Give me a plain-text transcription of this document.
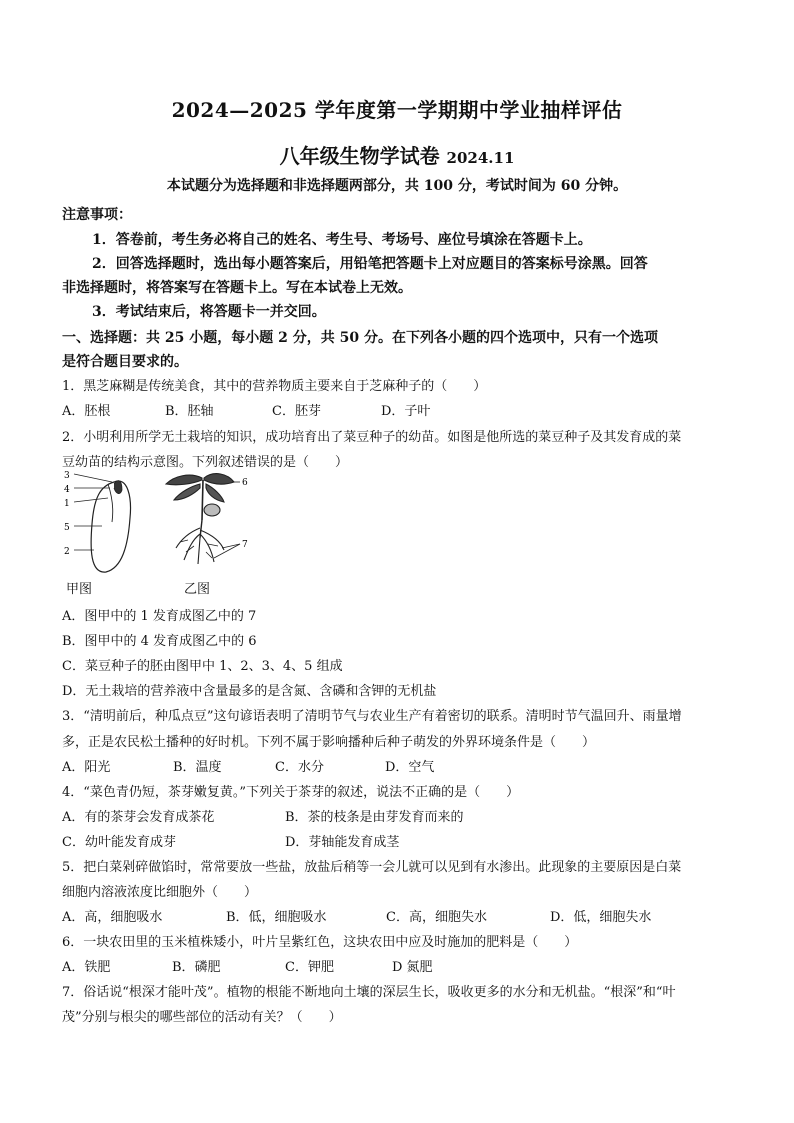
2024—2025 学年度第一学期期中学业抽样评估
八年级生物学试卷 2024.11
本试题分为选择题和非选择题两部分，共 100 分，考试时间为 60 分钟。
注意事项：
1．答卷前，考生务必将自己的姓名、考生号、考场号、座位号填涂在答题卡上。
2．回答选择题时，选出每小题答案后，用铅笔把答题卡上对应题目的答案标号涂黑。回答
非选择题时，将答案写在答题卡上。写在本试卷上无效。
3．考试结束后，将答题卡一并交回。
一、选择题：共 25 小题，每小题 2 分，共 50 分。在下列各小题的四个选项中，只有一个选项
是符合题目要求的。
1．黑芝麻糊是传统美食，其中的营养物质主要来自于芝麻种子的（　　）
A．胚根	B．胚轴	C．胚芽	D．子叶
2．小明利用所学无土栽培的知识，成功培育出了菜豆种子的幼苗。如图是他所选的菜豆种子及其发育成的菜
豆幼苗的结构示意图。下列叙述错误的是（　　）
3
4
1
5
2
6
7
甲图	乙图
A．图甲中的 1 发育成图乙中的 7
B．图甲中的 4 发育成图乙中的 6
C．菜豆种子的胚由图甲中 1、2、3、4、5 组成
D．无土栽培的营养液中含量最多的是含氮、含磷和含钾的无机盐
3．“清明前后，种瓜点豆”这句谚语表明了清明节气与农业生产有着密切的联系。清明时节气温回升、雨量增
多，正是农民松土播种的好时机。下列不属于影响播种后种子萌发的外界环境条件是（　　）
A．阳光	B．温度	C．水分	D．空气
4．“菜色青仍短，茶芽嫩复黄。”下列关于茶芽的叙述，说法不正确的是（　　）
A．有的茶芽会发育成茶花	B．茶的枝条是由芽发育而来的
C．幼叶能发育成芽	D．芽轴能发育成茎
5．把白菜剁碎做馅时，常常要放一些盐，放盐后稍等一会儿就可以见到有水渗出。此现象的主要原因是白菜
细胞内溶液浓度比细胞外（　　）
A．高，细胞吸水	B．低，细胞吸水	C．高，细胞失水	D．低，细胞失水
6．一块农田里的玉米植株矮小，叶片呈紫红色，这块农田中应及时施加的肥料是（　　）
A．铁肥	B．磷肥	C．钾肥	D 氮肥
7．俗话说“根深才能叶茂”。植物的根能不断地向土壤的深层生长，吸收更多的水分和无机盐。“根深”和“叶
茂”分别与根尖的哪些部位的活动有关？（　　）
